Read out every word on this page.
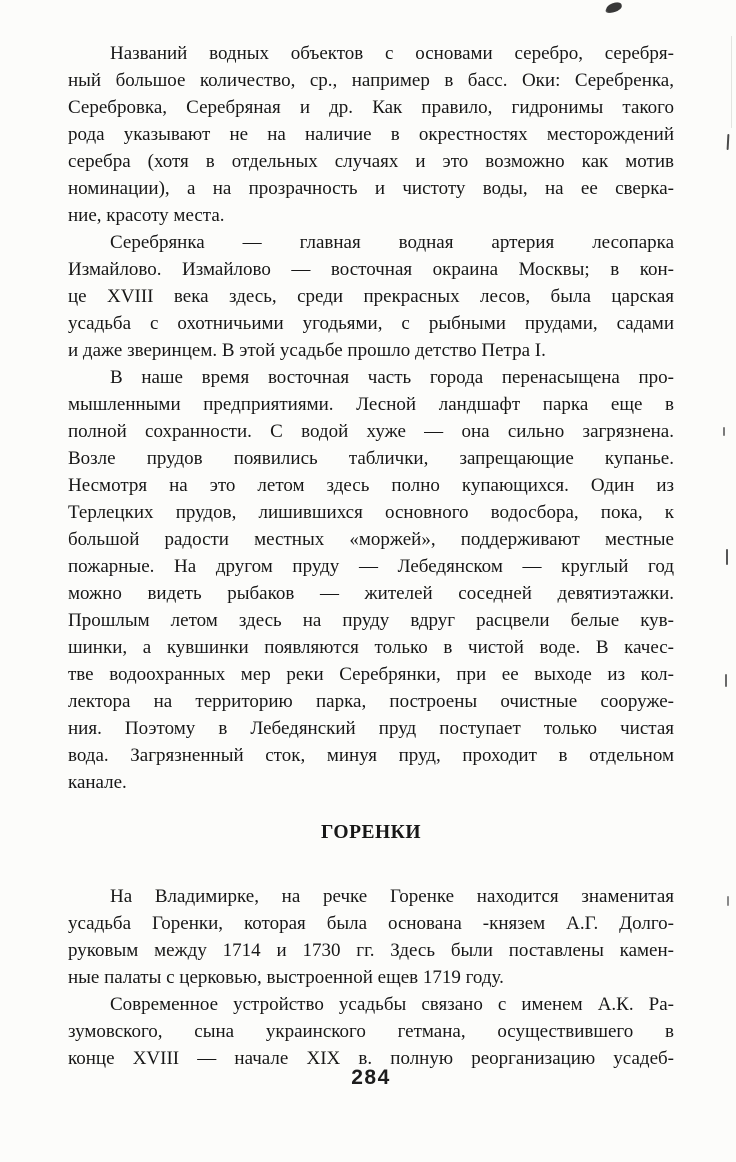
Названий водных объектов с основами серебро, серебря-
ный большое количество, ср., например в басс. Оки: Серебренка,
Серебровка, Серебряная и др. Как правило, гидронимы такого
рода указывают не на наличие в окрестностях месторождений
серебра (хотя в отдельных случаях и это возможно как мотив
номинации), а на прозрачность и чистоту воды, на ее сверка-
ние, красоту места.
Серебрянка — главная водная артерия лесопарка
Измайлово. Измайлово — восточная окраина Москвы; в кон-
це XVIII века здесь, среди прекрасных лесов, была царская
усадьба с охотничьими угодьями, с рыбными прудами, садами
и даже зверинцем. В этой усадьбе прошло детство Петра I.
В наше время восточная часть города перенасыщена про-
мышленными предприятиями. Лесной ландшафт парка еще в
полной сохранности. С водой хуже — она сильно загрязнена.
Возле прудов появились таблички, запрещающие купанье.
Несмотря на это летом здесь полно купающихся. Один из
Терлецких прудов, лишившихся основного водосбора, пока, к
большой радости местных «моржей», поддерживают местные
пожарные. На другом пруду — Лебедянском — круглый год
можно видеть рыбаков — жителей соседней девятиэтажки.
Прошлым летом здесь на пруду вдруг расцвели белые кув-
шинки, а кувшинки появляются только в чистой воде. В качес-
тве водоохранных мер реки Серебрянки, при ее выходе из кол-
лектора на территорию парка, построены очистные сооруже-
ния. Поэтому в Лебедянский пруд поступает только чистая
вода. Загрязненный сток, минуя пруд, проходит в отдельном
канале.
ГОРЕНКИ
На Владимирке, на речке Горенке находится знаменитая
усадьба Горенки, которая была основана -князем А.Г. Долго-
руковым между 1714 и 1730 гг. Здесь были поставлены камен-
ные палаты с церковью, выстроенной ещев 1719 году.
Современное устройство усадьбы связано с именем А.К. Ра-
зумовского, сына украинского гетмана, осуществившего в
конце XVIII — начале XIX в. полную реорганизацию усадеб-
284
